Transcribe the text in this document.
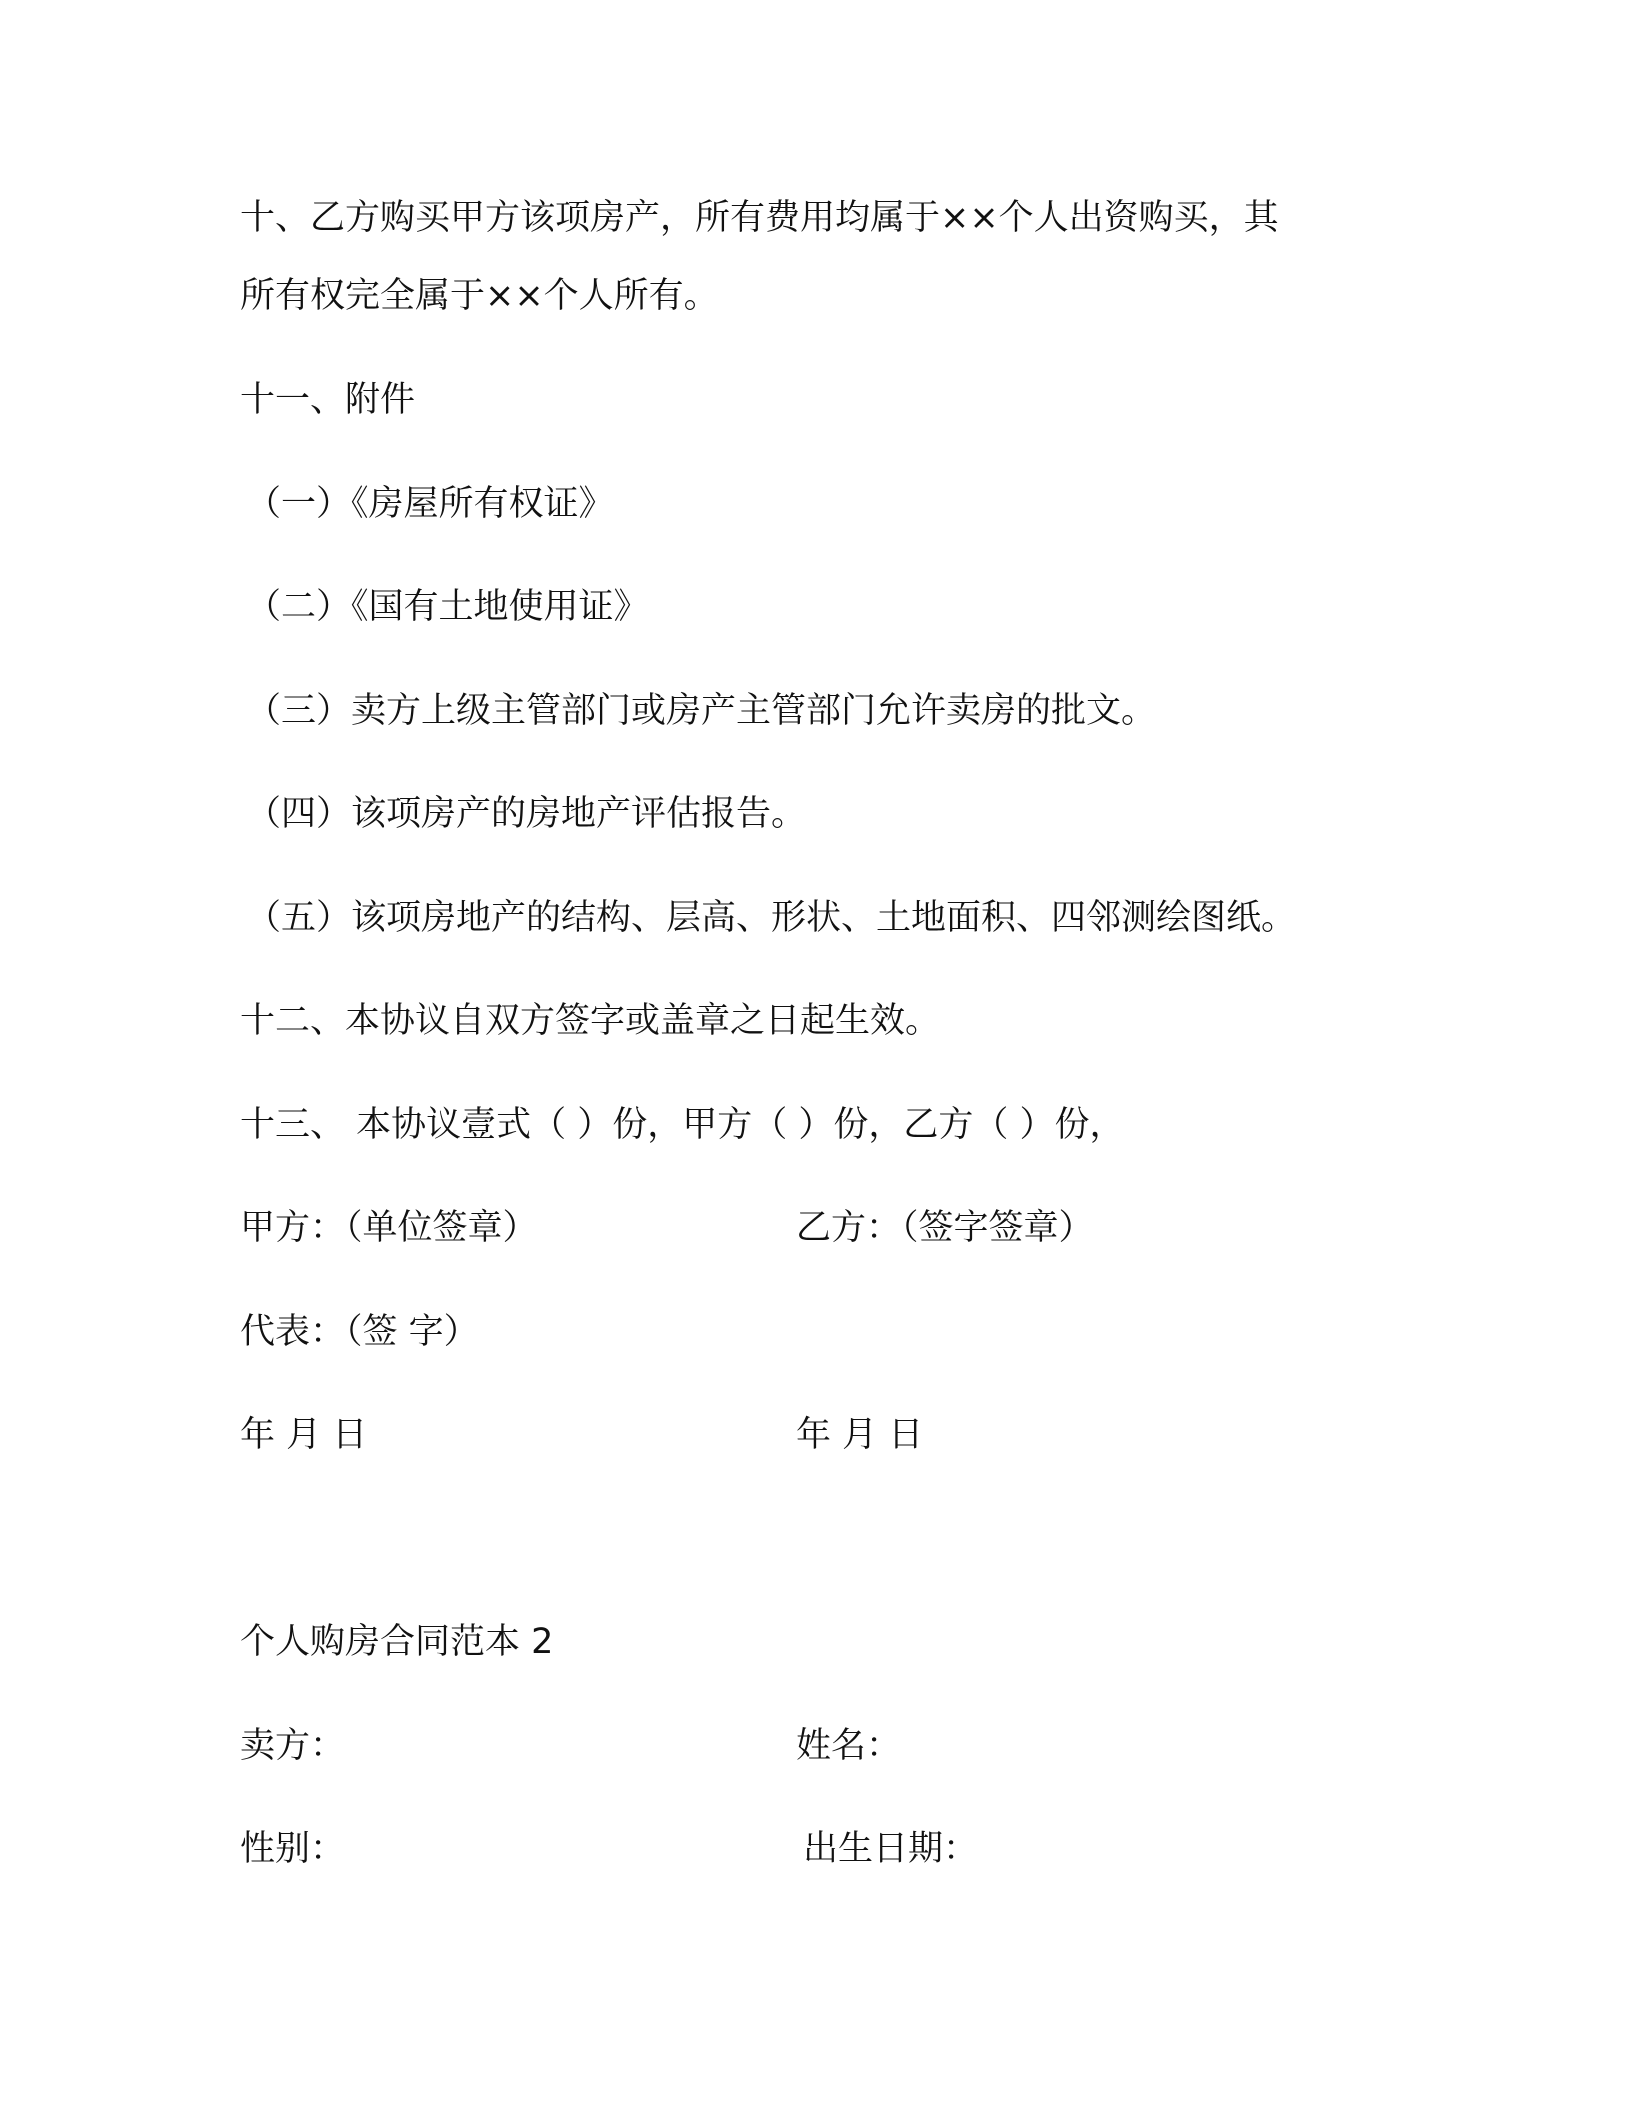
十、乙方购买甲方该项房产，所有费用均属于××个人出资购买，其
所有权完全属于××个人所有。
十一、附件
（一）《房屋所有权证》
（二）《国有土地使用证》
（三）卖方上级主管部门或房产主管部门允许卖房的批文。
（四）该项房产的房地产评估报告。
（五）该项房地产的结构、层高、形状、土地面积、四邻测绘图纸。
十二、本协议自双方签字或盖章之日起生效。
十三、 本协议壹式（ ）份，甲方（ ）份，乙方（ ）份，
甲方：（单位签章）	乙方：（签字签章）
代表：（签 字）
年 月 日	年 月 日
个人购房合同范本 2
卖方：	姓名：
性别：	出生日期：
